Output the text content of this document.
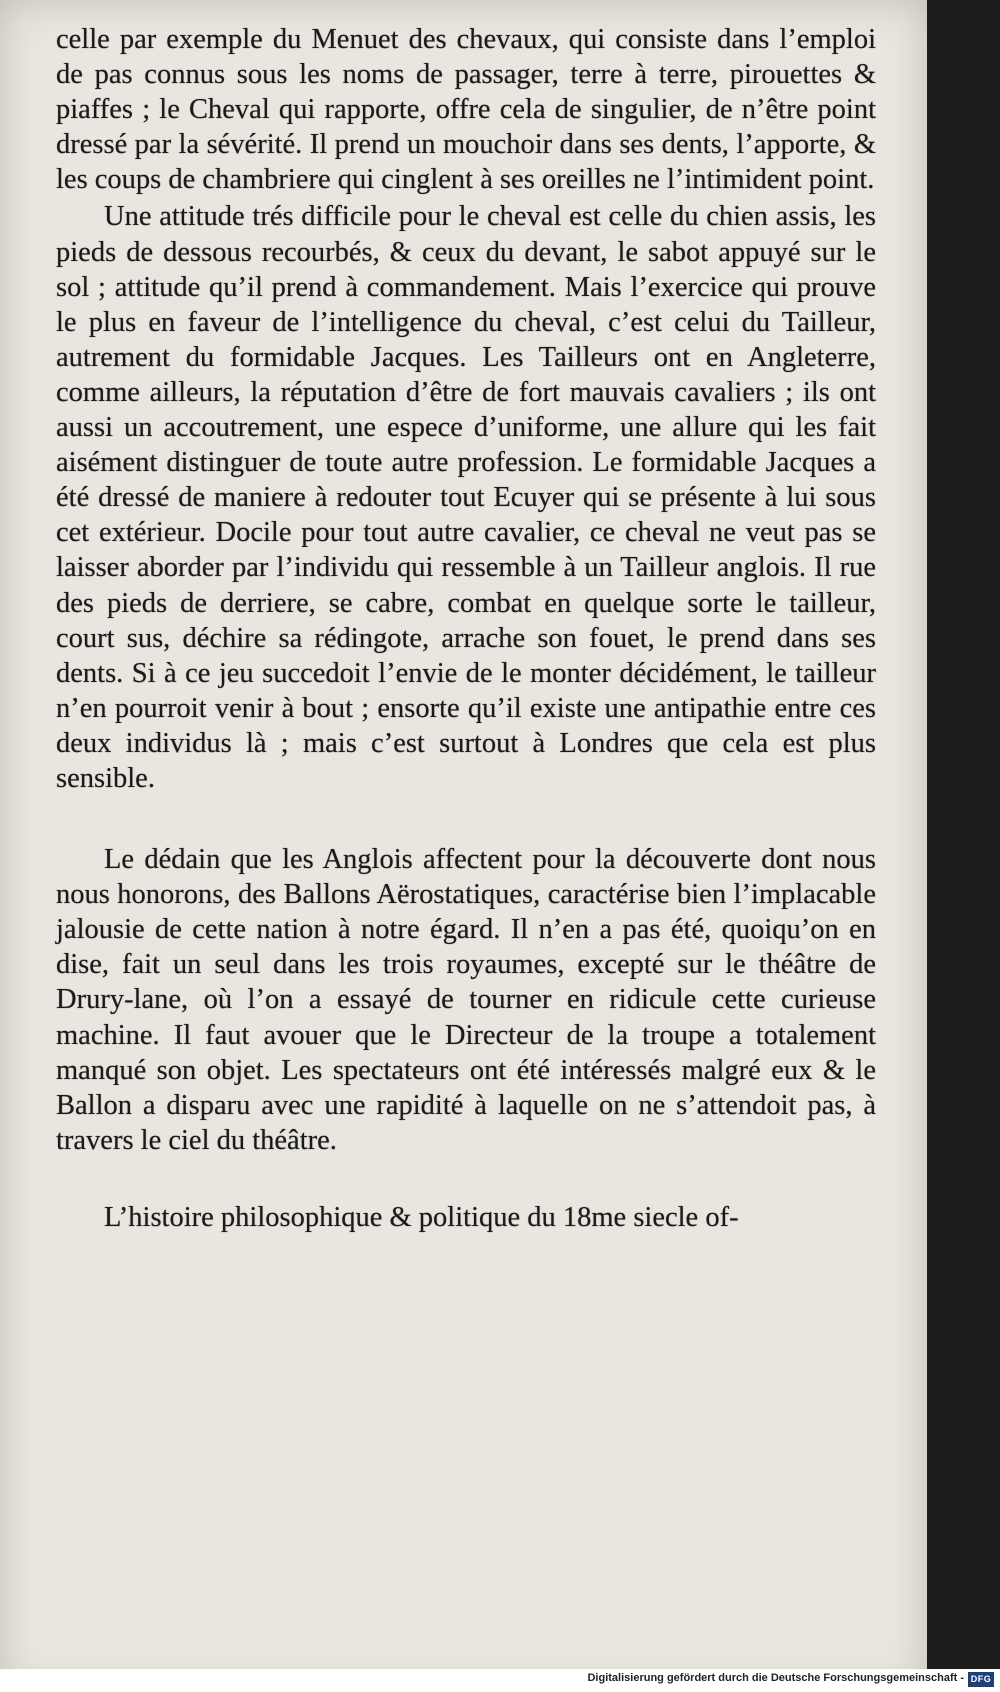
celle par exemple du Menuet des chevaux, qui consiste dans l’emploi de pas connus sous les noms de passager, terre à terre, pirouettes & piaffes ; le Cheval qui rapporte, offre cela de singulier, de n’être point dressé par la sévérité. Il prend un mouchoir dans ses dents, l’apporte, & les coups de chambriere qui cinglent à ses oreilles ne l’intimident point.

Une attitude trés difficile pour le cheval est celle du chien assis, les pieds de dessous recourbés, & ceux du devant, le sabot appuyé sur le sol ; attitude qu’il prend à commandement. Mais l’exercice qui prouve le plus en faveur de l’intelligence du cheval, c’est celui du Tailleur, autrement du formidable Jacques. Les Tailleurs ont en Angleterre, comme ailleurs, la réputation d’être de fort mauvais cavaliers ; ils ont aussi un accoutrement, une espece d’uniforme, une allure qui les fait aisément distinguer de toute autre profession. Le formidable Jacques a été dressé de maniere à redouter tout Ecuyer qui se présente à lui sous cet extérieur. Docile pour tout autre cavalier, ce cheval ne veut pas se laisser aborder par l’individu qui ressemble à un Tailleur anglois. Il rue des pieds de derriere, se cabre, combat en quelque sorte le tailleur, court sus, déchire sa rédingote, arrache son fouet, le prend dans ses dents. Si à ce jeu succedoit l’envie de le monter décidément, le tailleur n’en pourroit venir à bout ; ensorte qu’il existe une antipathie entre ces deux individus là ; mais c’est surtout à Londres que cela est plus sensible.

Le dédain que les Anglois affectent pour la découverte dont nous nous honorons, des Ballons Aërostatiques, caractérise bien l’implacable jalousie de cette nation à notre égard. Il n’en a pas été, quoiqu’on en dise, fait un seul dans les trois royaumes, excepté sur le théâtre de Drury-lane, où l’on a essayé de tourner en ridicule cette curieuse machine. Il faut avouer que le Directeur de la troupe a totalement manqué son objet. Les spectateurs ont été intéressés malgré eux & le Ballon a disparu avec une rapidité à laquelle on ne s’attendoit pas, à travers le ciel du théâtre.

L’histoire philosophique & politique du 18me siecle of-

Digitalisierung gefördert durch die Deutsche Forschungsgemeinschaft - DFG
